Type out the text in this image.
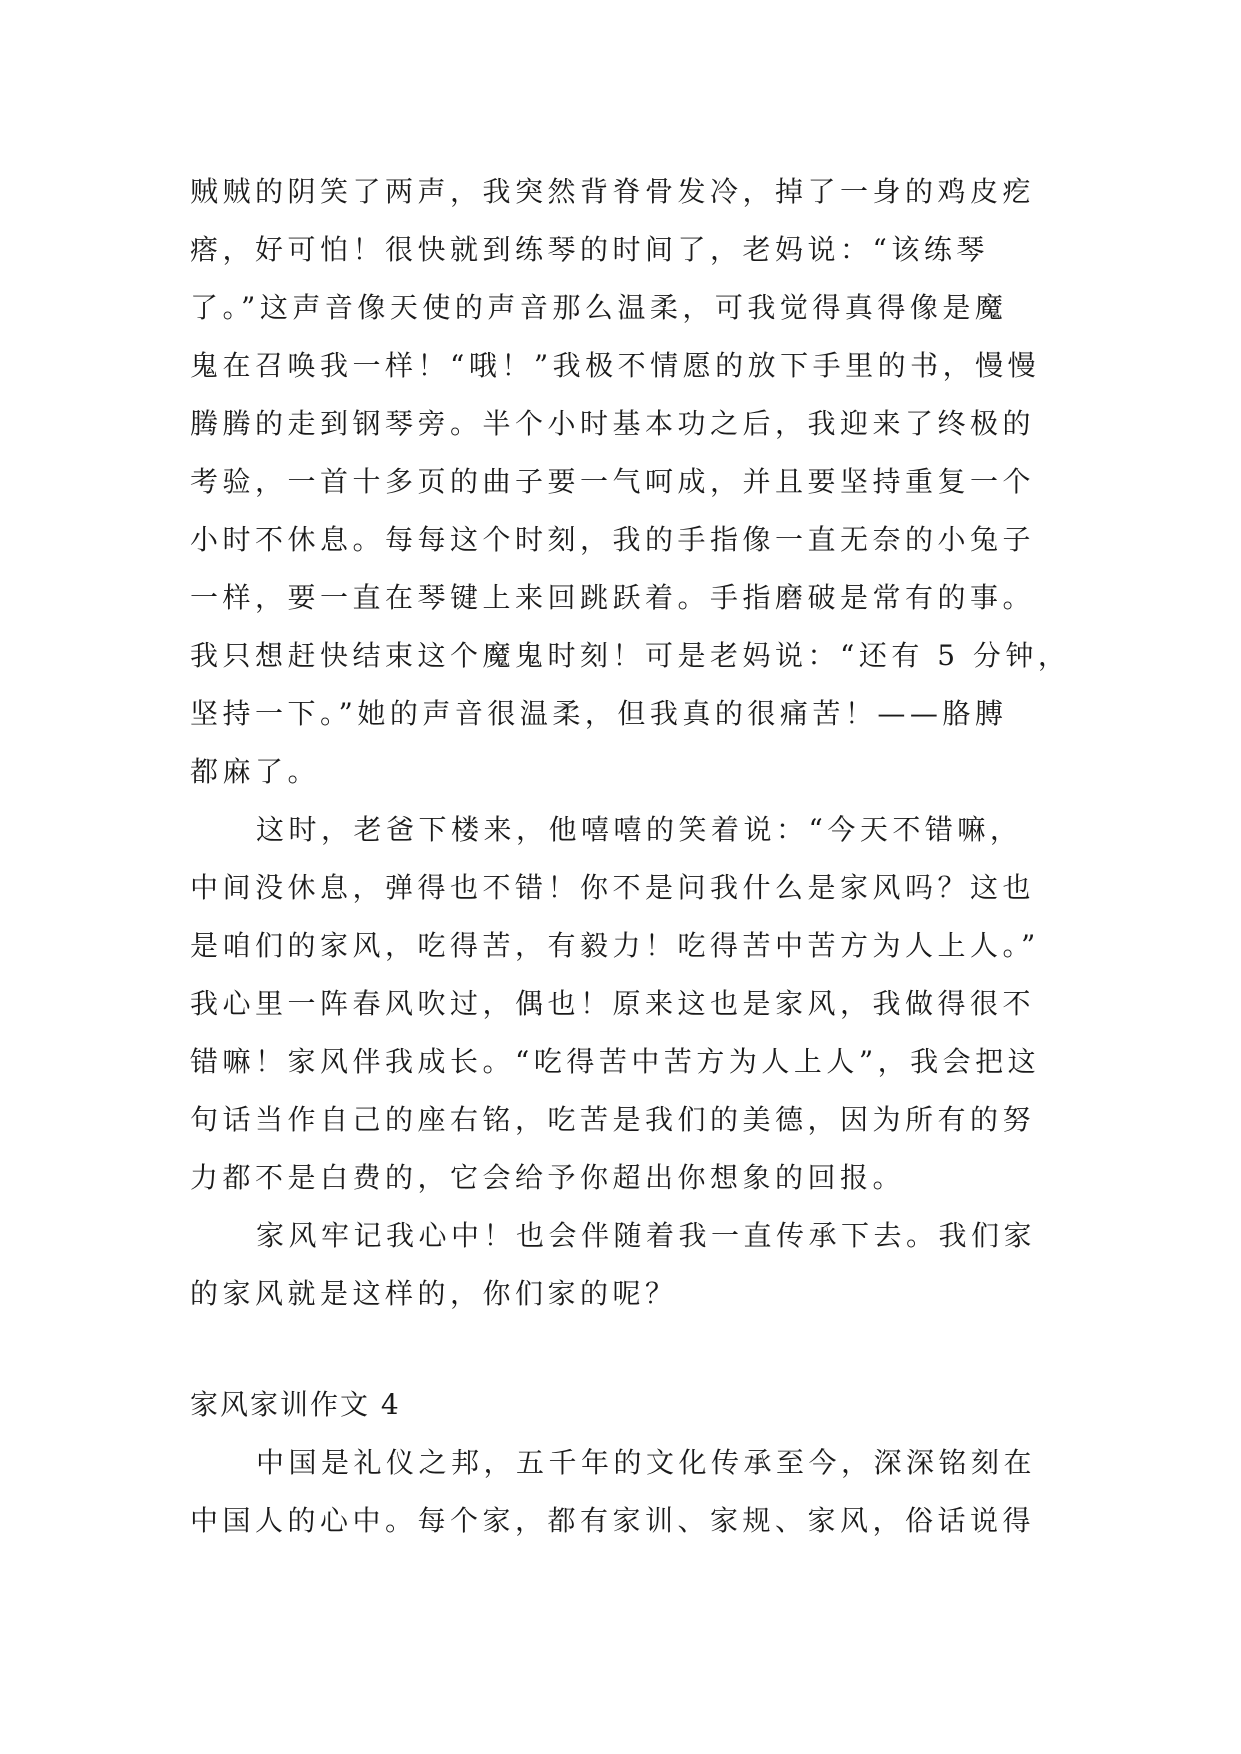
贼贼的阴笑了两声，我突然背脊骨发冷，掉了一身的鸡皮疙
瘩，好可怕！很快就到练琴的时间了，老妈说：“该练琴
了。”这声音像天使的声音那么温柔，可我觉得真得像是魔
鬼在召唤我一样！“哦！”我极不情愿的放下手里的书，慢慢
腾腾的走到钢琴旁。半个小时基本功之后，我迎来了终极的
考验，一首十多页的曲子要一气呵成，并且要坚持重复一个
小时不休息。每每这个时刻，我的手指像一直无奈的小兔子
一样，要一直在琴键上来回跳跃着。手指磨破是常有的事。
我只想赶快结束这个魔鬼时刻！可是老妈说：“还有 5 分钟，
坚持一下。”她的声音很温柔，但我真的很痛苦！——胳膊
都麻了。
这时，老爸下楼来，他嘻嘻的笑着说：“今天不错嘛，
中间没休息，弹得也不错！你不是问我什么是家风吗？这也
是咱们的家风，吃得苦，有毅力！吃得苦中苦方为人上人。”
我心里一阵春风吹过，偶也！原来这也是家风，我做得很不
错嘛！家风伴我成长。“吃得苦中苦方为人上人”，我会把这
句话当作自己的座右铭，吃苦是我们的美德，因为所有的努
力都不是白费的，它会给予你超出你想象的回报。
家风牢记我心中！也会伴随着我一直传承下去。我们家
的家风就是这样的，你们家的呢？
家风家训作文 4
中国是礼仪之邦，五千年的文化传承至今，深深铭刻在
中国人的心中。每个家，都有家训、家规、家风，俗话说得
